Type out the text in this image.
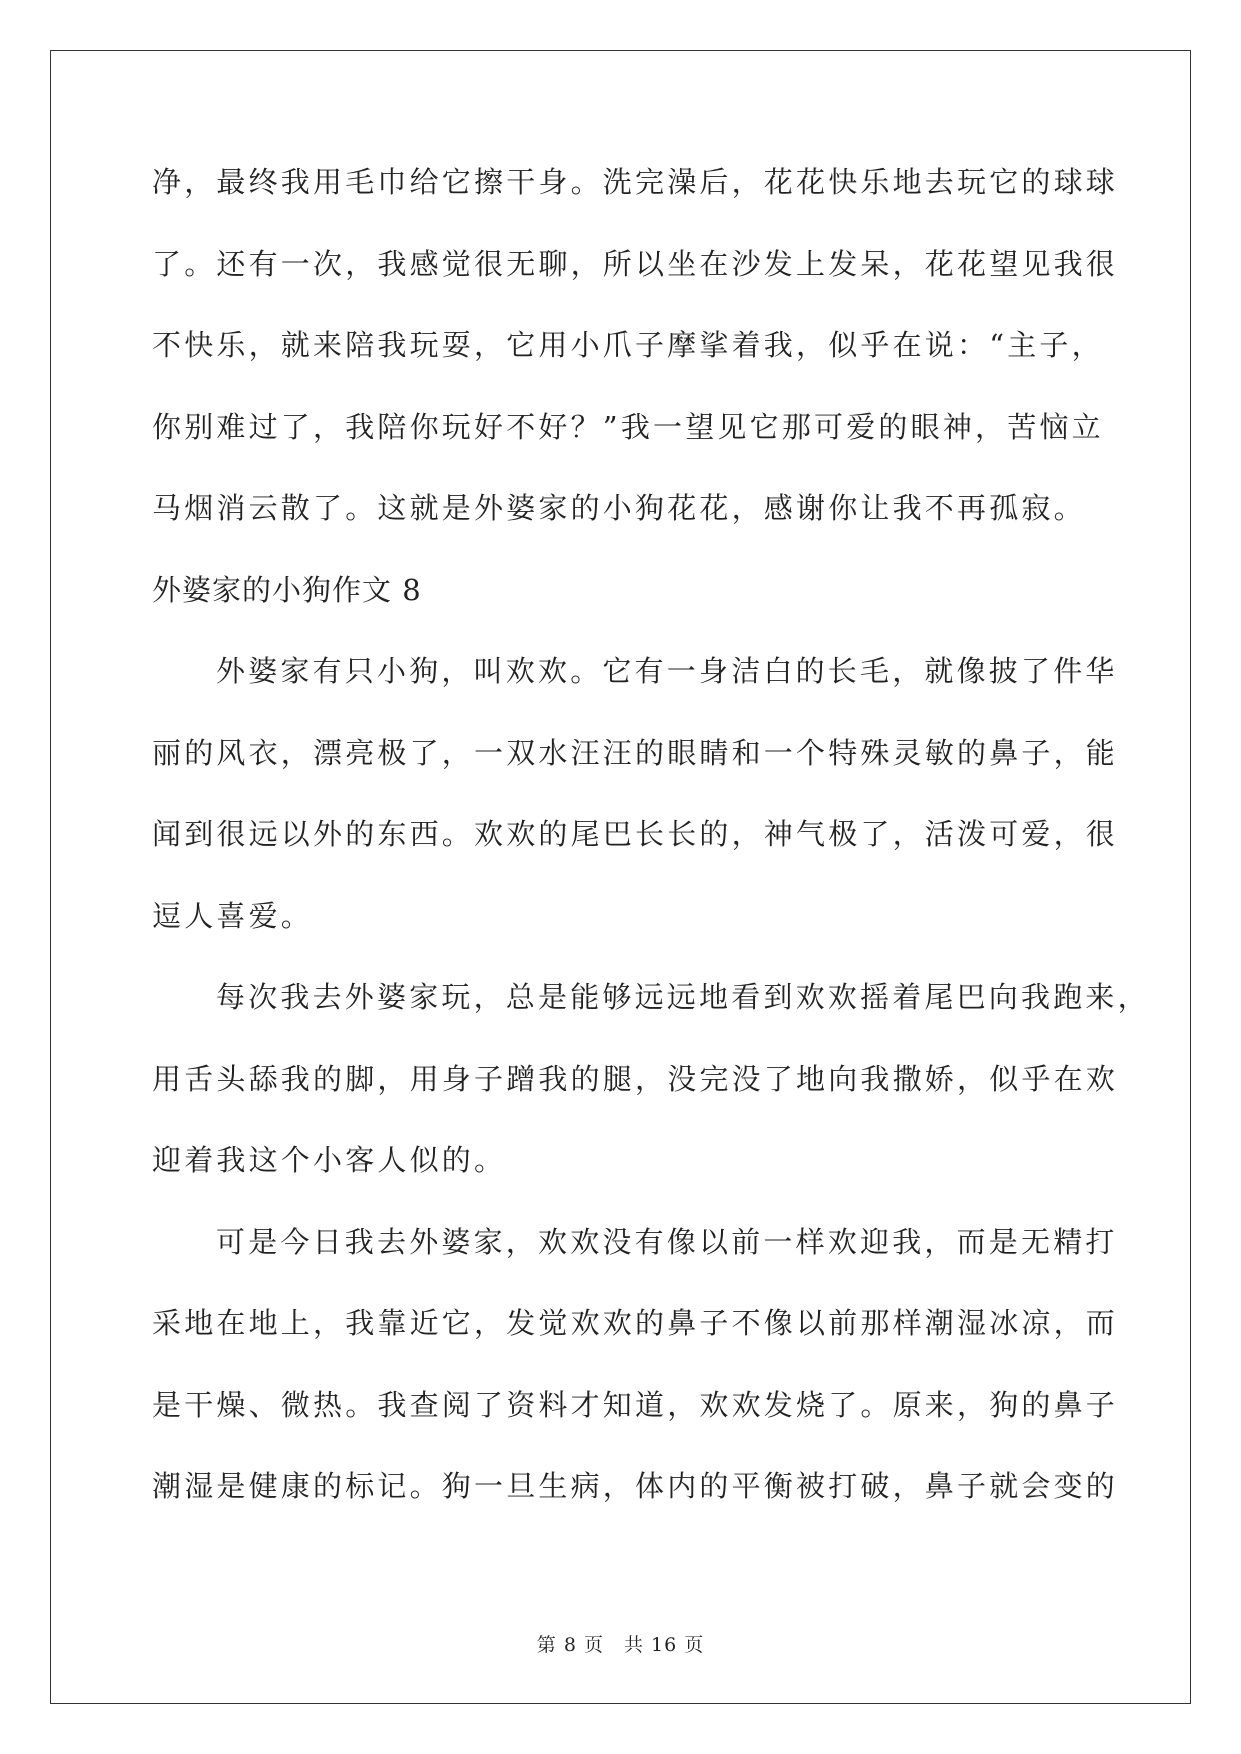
净，最终我用毛巾给它擦干身。洗完澡后，花花快乐地去玩它的球球
了。还有一次，我感觉很无聊，所以坐在沙发上发呆，花花望见我很
不快乐，就来陪我玩耍，它用小爪子摩挲着我，似乎在说：“主子，
你别难过了，我陪你玩好不好？”我一望见它那可爱的眼神，苦恼立
马烟消云散了。这就是外婆家的小狗花花，感谢你让我不再孤寂。
外婆家的小狗作文 8
外婆家有只小狗，叫欢欢。它有一身洁白的长毛，就像披了件华
丽的风衣，漂亮极了，一双水汪汪的眼睛和一个特殊灵敏的鼻子，能
闻到很远以外的东西。欢欢的尾巴长长的，神气极了，活泼可爱，很
逗人喜爱。
每次我去外婆家玩，总是能够远远地看到欢欢摇着尾巴向我跑来，
用舌头舔我的脚，用身子蹭我的腿，没完没了地向我撒娇，似乎在欢
迎着我这个小客人似的。
可是今日我去外婆家，欢欢没有像以前一样欢迎我，而是无精打
采地在地上，我靠近它，发觉欢欢的鼻子不像以前那样潮湿冰凉，而
是干燥、微热。我查阅了资料才知道，欢欢发烧了。原来，狗的鼻子
潮湿是健康的标记。狗一旦生病，体内的平衡被打破，鼻子就会变的
第 8 页 共 16 页
